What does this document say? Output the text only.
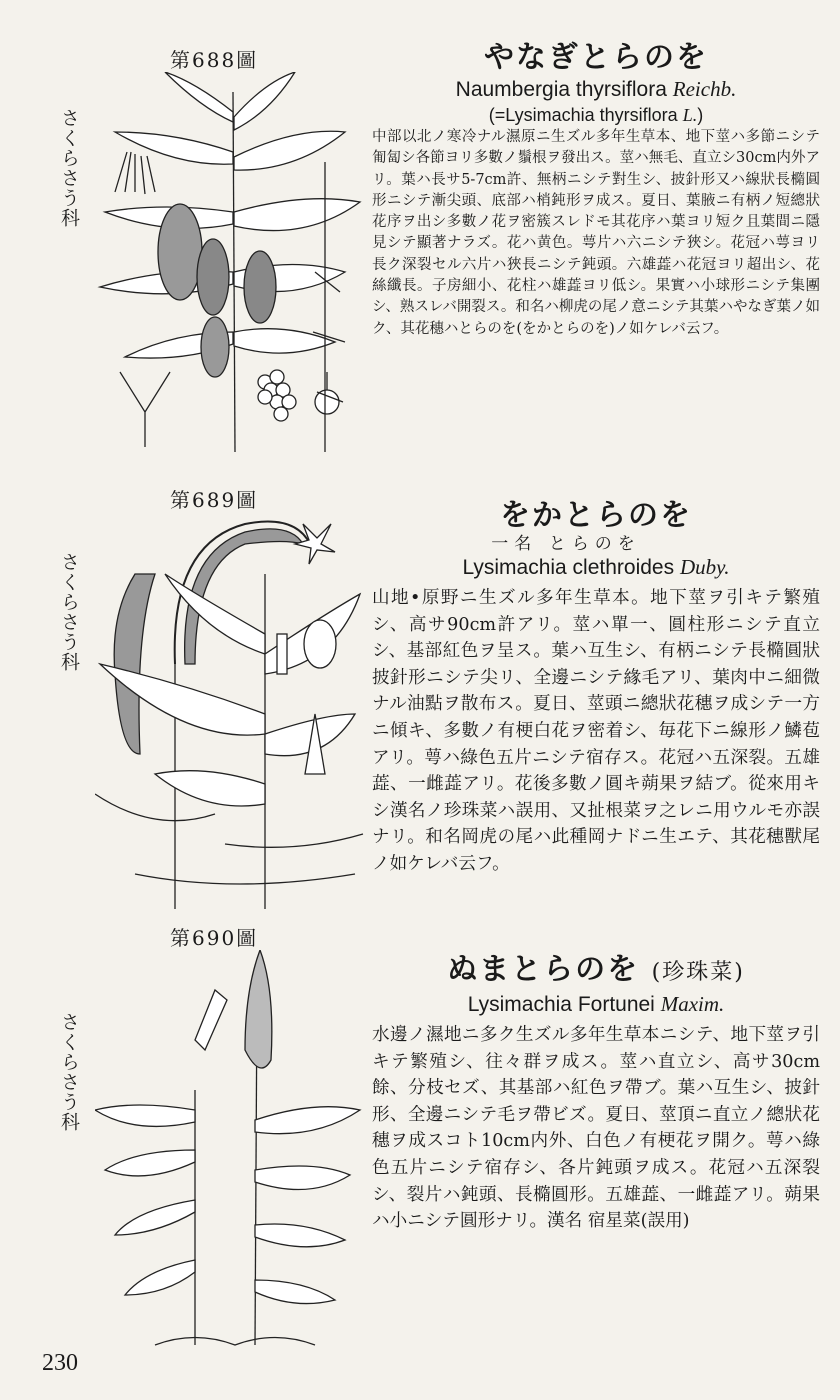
第688圖
さくらさう科
やなぎとらのを
Naumbergia thyrsiflora Reichb.
(=Lysimachia thyrsiflora L.)

中部以北ノ寒冷ナル濕原ニ生ズル多年生草本、地下莖ハ多節ニシテ匍匐シ各節ヨリ多數ノ鬚根ヲ發出ス。莖ハ無毛、直立シ30cm内外アリ。葉ハ長サ5-7cm許、無柄ニシテ對生シ、披針形又ハ線狀長橢圓形ニシテ漸尖頭、底部ハ梢鈍形ヲ成ス。夏日、葉腋ニ有柄ノ短總狀花序ヲ出シ多數ノ花ヲ密簇スレドモ其花序ハ葉ヨリ短ク且葉間ニ隱見シテ顯著ナラズ。花ハ黄色。萼片ハ六ニシテ狹シ。花冠ハ萼ヨリ長ク深裂セル六片ハ狹長ニシテ鈍頭。六雄蕋ハ花冠ヨリ超出シ、花絲纖長。子房細小、花柱ハ雄蕋ヨリ低シ。果實ハ小球形ニシテ集團シ、熟スレバ開裂ス。和名ハ柳虎の尾ノ意ニシテ其葉ハやなぎ葉ノ如ク、其花穗ハとらのを(をかとらのを)ノ如ケレバ云フ。

第689圖
さくらさう科
をかとらのを
一名 とらのを
Lysimachia clethroides Duby.

山地•原野ニ生ズル多年生草本。地下莖ヲ引キテ繁殖シ、高サ90cm許アリ。莖ハ單一、圓柱形ニシテ直立シ、基部紅色ヲ呈ス。葉ハ互生シ、有柄ニシテ長橢圓狀披針形ニシテ尖リ、全邊ニシテ緣毛アリ、葉肉中ニ細微ナル油點ヲ散布ス。夏日、莖頭ニ總狀花穗ヲ成シテ一方ニ傾キ、多數ノ有梗白花ヲ密着シ、毎花下ニ線形ノ鱗苞アリ。萼ハ綠色五片ニシテ宿存ス。花冠ハ五深裂。五雄蕋、一雌蕋アリ。花後多數ノ圓キ蒴果ヲ結ブ。從來用キシ漢名ノ珍珠菜ハ誤用、又扯根菜ヲ之レニ用ウルモ亦誤ナリ。和名岡虎の尾ハ此種岡ナドニ生エテ、其花穗獸尾ノ如ケレバ云フ。

第690圖
さくらさう科
ぬまとらのを (珍珠菜)
Lysimachia Fortunei Maxim.

水邊ノ濕地ニ多ク生ズル多年生草本ニシテ、地下莖ヲ引キテ繁殖シ、往々群ヲ成ス。莖ハ直立シ、高サ30cm餘、分枝セズ、其基部ハ紅色ヲ帶ブ。葉ハ互生シ、披針形、全邊ニシテ毛ヲ帶ビズ。夏日、莖頂ニ直立ノ總狀花穗ヲ成スコト10cm内外、白色ノ有梗花ヲ開ク。萼ハ綠色五片ニシテ宿存シ、各片鈍頭ヲ成ス。花冠ハ五深裂シ、裂片ハ鈍頭、長橢圓形。五雄蕋、一雌蕋アリ。蒴果ハ小ニシテ圓形ナリ。漢名 宿星菜(誤用)

230
